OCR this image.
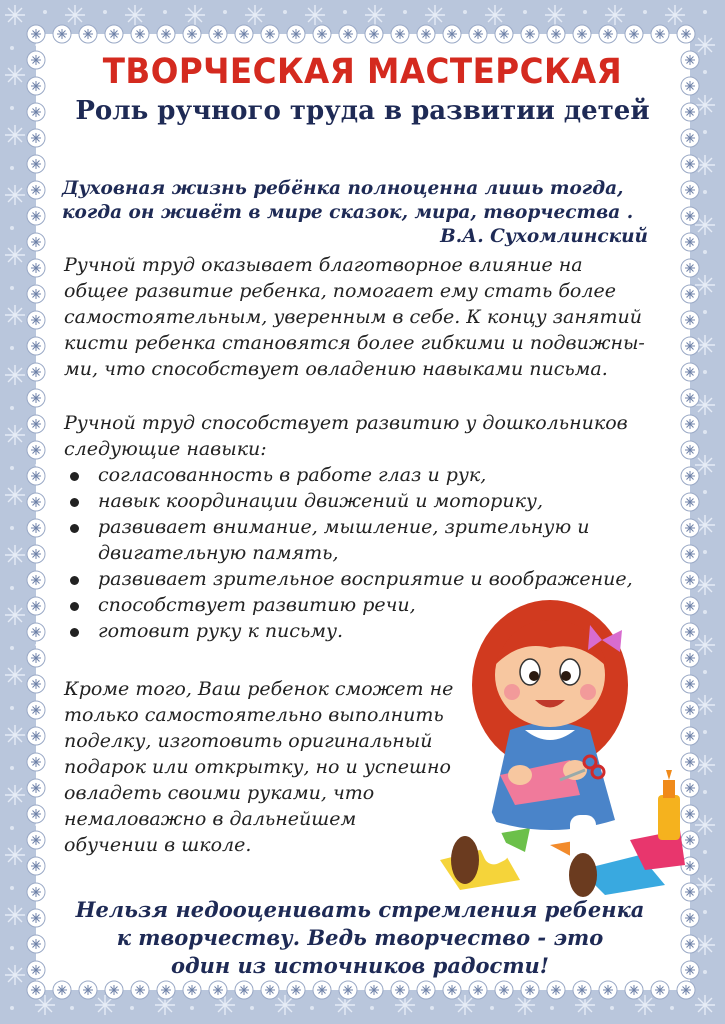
ТВОРЧЕСКАЯ МАСТЕРСКАЯ
Роль ручного труда в развитии детей
Духовная жизнь ребёнка полноценна лишь тогда,
когда он живёт в мире сказок, мира, творчества .
В.А. Сухомлинский
Ручной труд оказывает благотворное влияние на
общее развитие ребенка, помогает ему стать более
самостоятельным, уверенным в себе. К концу занятий
кисти ребенка становятся более гибкими и подвижны-
ми, что способствует овладению навыками письма.
Ручной труд способствует развитию у дошкольников
следующие навыки:
согласованность в работе глаз и рук,
навык координации движений и моторику,
развивает внимание, мышление, зрительную и
двигательную память,
развивает зрительное восприятие и воображение,
способствует развитию речи,
готовит руку к письму.
Кроме того, Ваш ребенок сможет не
только самостоятельно выполнить
поделку, изготовить оригинальный
подарок или открытку, но и успешно
овладеть своими руками, что
немаловажно в дальнейшем
обучении в школе.
Нельзя недооценивать стремления ребенка
к творчеству. Ведь творчество - это
один из источников радости!
